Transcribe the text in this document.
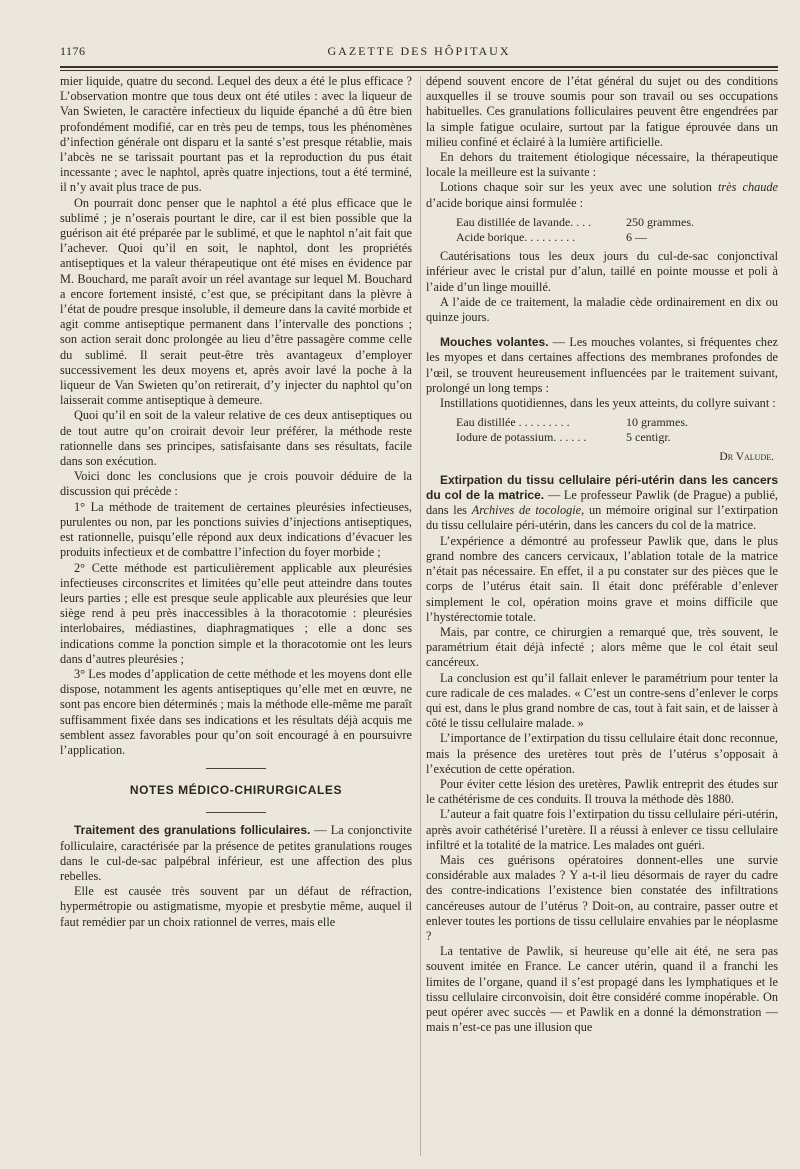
1176	GAZETTE DES HÔPITAUX

mier liquide, quatre du second. Lequel des deux a été le plus efficace ? L’observation montre que tous deux ont été utiles : avec la liqueur de Van Swieten, le caractère infectieux du liquide épanché a dû être bien profondément modifié, car en très peu de temps, tous les phénomènes d’infection générale ont disparu et la santé s’est presque rétablie, mais l’abcès ne se tarissait pourtant pas et la reproduction du pus était incessante ; avec le naphtol, après quatre injections, tout a été terminé, il n’y avait plus trace de pus.

On pourrait donc penser que le naphtol a été plus efficace que le sublimé ; je n’oserais pourtant le dire, car il est bien possible que la guérison ait été préparée par le sublimé, et que le naphtol n’ait fait que l’achever. Quoi qu’il en soit, le naphtol, dont les propriétés antiseptiques et la valeur thérapeutique ont été mises en évidence par M. Bouchard, me paraît avoir un réel avantage sur lequel M. Bouchard a encore fortement insisté, c’est que, se précipitant dans la plèvre à l’état de poudre presque insoluble, il demeure dans la cavité morbide et agit comme antiseptique permanent dans l’intervalle des ponctions ; son action serait donc prolongée au lieu d’être passagère comme celle du sublimé. Il serait peut-être très avantageux d’employer successivement les deux moyens et, après avoir lavé la poche à la liqueur de Van Swieten qu’on retirerait, d’y injecter du naphtol qu’on laisserait comme antiseptique à demeure.

Quoi qu’il en soit de la valeur relative de ces deux antiseptiques ou de tout autre qu’on croirait devoir leur préférer, la méthode reste rationnelle dans ses principes, satisfaisante dans ses résultats, facile dans son exécution.

Voici donc les conclusions que je crois pouvoir déduire de la discussion qui précède :

1° La méthode de traitement de certaines pleurésies infectieuses, purulentes ou non, par les ponctions suivies d’injections antiseptiques, est rationnelle, puisqu’elle répond aux deux indications d’évacuer les produits infectieux et de combattre l’infection du foyer morbide ;

2° Cette méthode est particulièrement applicable aux pleurésies infectieuses circonscrites et limitées qu’elle peut atteindre dans toutes leurs parties ; elle est presque seule applicable aux pleurésies que leur siège rend à peu près inaccessibles à la thoracotomie : pleurésies interlobaires, médiastines, diaphragmatiques ; elle a donc ses indications comme la ponction simple et la thoracotomie ont les leurs dans d’autres pleurésies ;

3° Les modes d’application de cette méthode et les moyens dont elle dispose, notamment les agents antiseptiques qu’elle met en œuvre, ne sont pas encore bien déterminés ; mais la méthode elle-même me paraît suffisamment fixée dans ses indications et les résultats déjà acquis me semblent assez favorables pour qu’on soit encouragé à en poursuivre l’application.

NOTES MÉDICO-CHIRURGICALES

Traitement des granulations folliculaires. — La conjonctivite folliculaire, caractérisée par la présence de petites granulations rouges dans le cul-de-sac palpébral inférieur, est une affection des plus rebelles.

Elle est causée très souvent par un défaut de réfraction, hypermétropie ou astigmatisme, myopie et presbytie même, auquel il faut remédier par un choix rationnel de verres, mais elle

dépend souvent encore de l’état général du sujet ou des conditions auxquelles il se trouve soumis pour son travail ou ses occupations habituelles. Ces granulations folliculaires peuvent être engendrées par la simple fatigue oculaire, surtout par la fatigue éprouvée dans un milieu confiné et éclairé à la lumière artificielle.

En dehors du traitement étiologique nécessaire, la thérapeutique locale la meilleure est la suivante :

Lotions chaque soir sur les yeux avec une solution très chaude d’acide borique ainsi formulée :

Eau distillée de lavande. . . .	250 grammes.
Acide borique. . . . . . . . .	6 —

Cautérisations tous les deux jours du cul-de-sac conjonctival inférieur avec le cristal pur d’alun, taillé en pointe mousse et poli à l’aide d’un linge mouillé.

A l’aide de ce traitement, la maladie cède ordinairement en dix ou quinze jours.

Mouches volantes. — Les mouches volantes, si fréquentes chez les myopes et dans certaines affections des membranes profondes de l’œil, se trouvent heureusement influencées par le traitement suivant, prolongé un long temps :

Instillations quotidiennes, dans les yeux atteints, du collyre suivant :

Eau distillée . . . . . . . . .	10 grammes.
Iodure de potassium. . . . . .	5 centigr.
Dr Valude.

Extirpation du tissu cellulaire péri-utérin dans les cancers du col de la matrice. — Le professeur Pawlik (de Prague) a publié, dans les Archives de tocologie, un mémoire original sur l’extirpation du tissu cellulaire péri-utérin, dans les cancers du col de la matrice.

L’expérience a démontré au professeur Pawlik que, dans le plus grand nombre des cancers cervicaux, l’ablation totale de la matrice n’était pas nécessaire. En effet, il a pu constater sur des pièces que le corps de l’utérus était sain. Il était donc préférable d’enlever simplement le col, opération moins grave et moins difficile que l’hystérectomie totale.

Mais, par contre, ce chirurgien a remarqué que, très souvent, le paramétrium était déjà infecté ; alors même que le col était seul cancéreux.

La conclusion est qu’il fallait enlever le paramétrium pour tenter la cure radicale de ces malades. « C’est un contre-sens d’enlever le corps qui est, dans le plus grand nombre de cas, tout à fait sain, et de laisser à côté le tissu cellulaire malade. »

L’importance de l’extirpation du tissu cellulaire était donc reconnue, mais la présence des uretères tout près de l’utérus s’opposait à l’exécution de cette opération.

Pour éviter cette lésion des uretères, Pawlik entreprit des études sur le cathétérisme de ces conduits. Il trouva la méthode dès 1880.

L’auteur a fait quatre fois l’extirpation du tissu cellulaire péri-utérin, après avoir cathétérisé l’uretère. Il a réussi à enlever ce tissu cellulaire infiltré et la totalité de la matrice. Les malades ont guéri.

Mais ces guérisons opératoires donnent-elles une survie considérable aux malades ? Y a-t-il lieu désormais de rayer du cadre des contre-indications l’existence bien constatée des infiltrations cancéreuses autour de l’utérus ? Doit-on, au contraire, passer outre et enlever toutes les portions de tissu cellulaire envahies par le néoplasme ?

La tentative de Pawlik, si heureuse qu’elle ait été, ne sera pas souvent imitée en France. Le cancer utérin, quand il a franchi les limites de l’organe, quand il s’est propagé dans les lymphatiques et le tissu cellulaire circonvoisin, doit être considéré comme inopérable. On peut opérer avec succès — et Pawlik en a donné la démonstration — mais n’est-ce pas une illusion que
